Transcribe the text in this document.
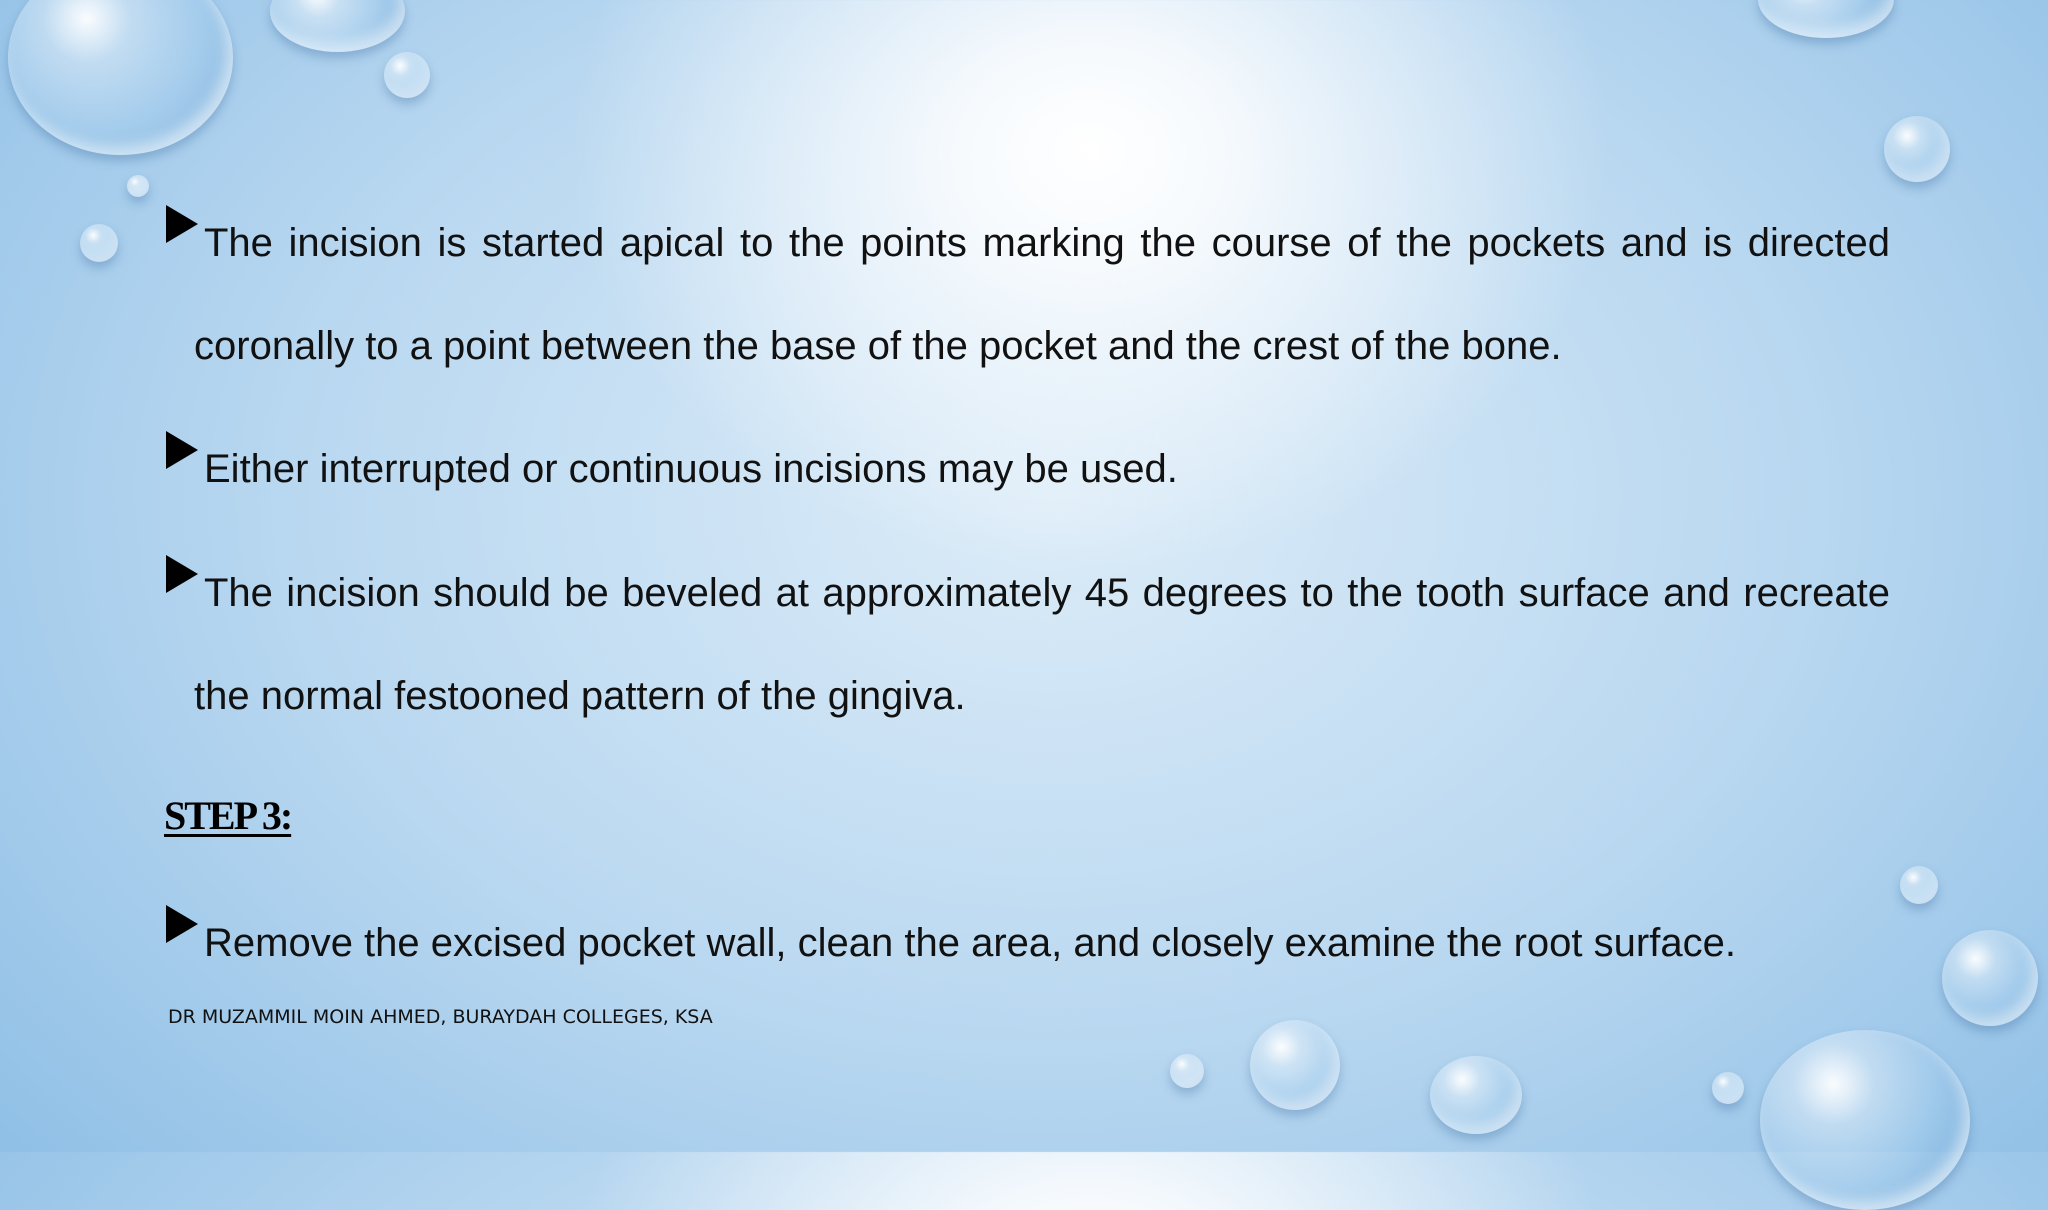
The incision is started apical to the points marking the course of the pockets and is directed coronally to a point between the base of the pocket and the crest of the bone.
Either interrupted or continuous incisions may be used.
The incision should be beveled at approximately 45 degrees to the tooth surface and recreate the normal festooned pattern of the gingiva.
STEP 3:
Remove the excised pocket wall, clean the area, and closely examine the root surface.
DR MUZAMMIL MOIN AHMED, BURAYDAH COLLEGES, KSA
